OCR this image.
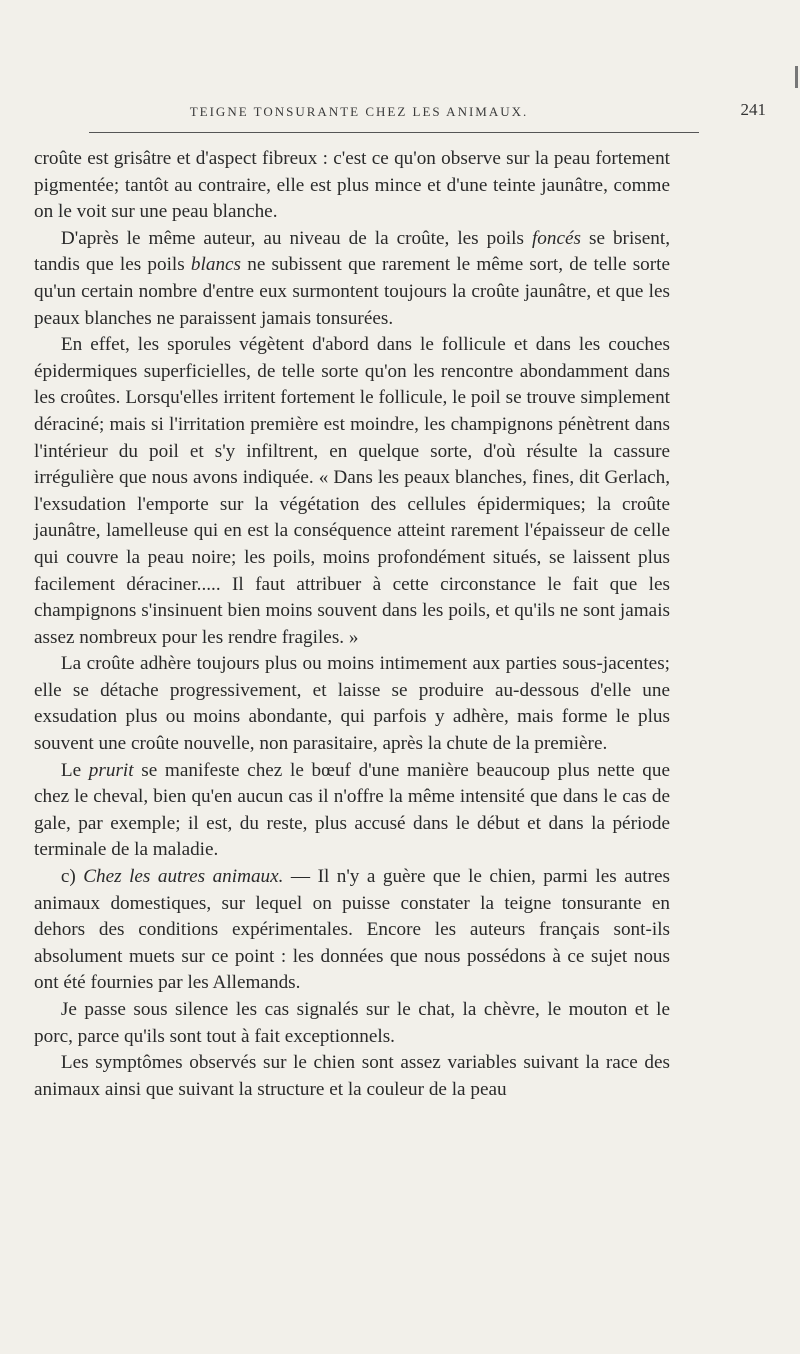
TEIGNE TONSURANTE CHEZ LES ANIMAUX.	241

croûte est grisâtre et d'aspect fibreux : c'est ce qu'on observe sur la peau fortement pigmentée; tantôt au contraire, elle est plus mince et d'une teinte jaunâtre, comme on le voit sur une peau blanche.

D'après le même auteur, au niveau de la croûte, les poils foncés se brisent, tandis que les poils blancs ne subissent que rarement le même sort, de telle sorte qu'un certain nombre d'entre eux surmontent toujours la croûte jaunâtre, et que les peaux blanches ne paraissent jamais tonsurées.

En effet, les sporules végètent d'abord dans le follicule et dans les couches épidermiques superficielles, de telle sorte qu'on les rencontre abondamment dans les croûtes. Lorsqu'elles irritent fortement le follicule, le poil se trouve simplement déraciné; mais si l'irritation première est moindre, les champignons pénètrent dans l'intérieur du poil et s'y infiltrent, en quelque sorte, d'où résulte la cassure irrégulière que nous avons indiquée. « Dans les peaux blanches, fines, dit Gerlach, l'exsudation l'emporte sur la végétation des cellules épidermiques; la croûte jaunâtre, lamelleuse qui en est la conséquence atteint rarement l'épaisseur de celle qui couvre la peau noire; les poils, moins profondément situés, se laissent plus facilement déraciner..... Il faut attribuer à cette circonstance le fait que les champignons s'insinuent bien moins souvent dans les poils, et qu'ils ne sont jamais assez nombreux pour les rendre fragiles. »

La croûte adhère toujours plus ou moins intimement aux parties sous-jacentes; elle se détache progressivement, et laisse se produire au-dessous d'elle une exsudation plus ou moins abondante, qui parfois y adhère, mais forme le plus souvent une croûte nouvelle, non parasitaire, après la chute de la première.

Le prurit se manifeste chez le bœuf d'une manière beaucoup plus nette que chez le cheval, bien qu'en aucun cas il n'offre la même intensité que dans le cas de gale, par exemple; il est, du reste, plus accusé dans le début et dans la période terminale de la maladie.

c) Chez les autres animaux. — Il n'y a guère que le chien, parmi les autres animaux domestiques, sur lequel on puisse constater la teigne tonsurante en dehors des conditions expérimentales. Encore les auteurs français sont-ils absolument muets sur ce point : les données que nous possédons à ce sujet nous ont été fournies par les Allemands.

Je passe sous silence les cas signalés sur le chat, la chèvre, le mouton et le porc, parce qu'ils sont tout à fait exceptionnels.

Les symptômes observés sur le chien sont assez variables suivant la race des animaux ainsi que suivant la structure et la couleur de la peau
